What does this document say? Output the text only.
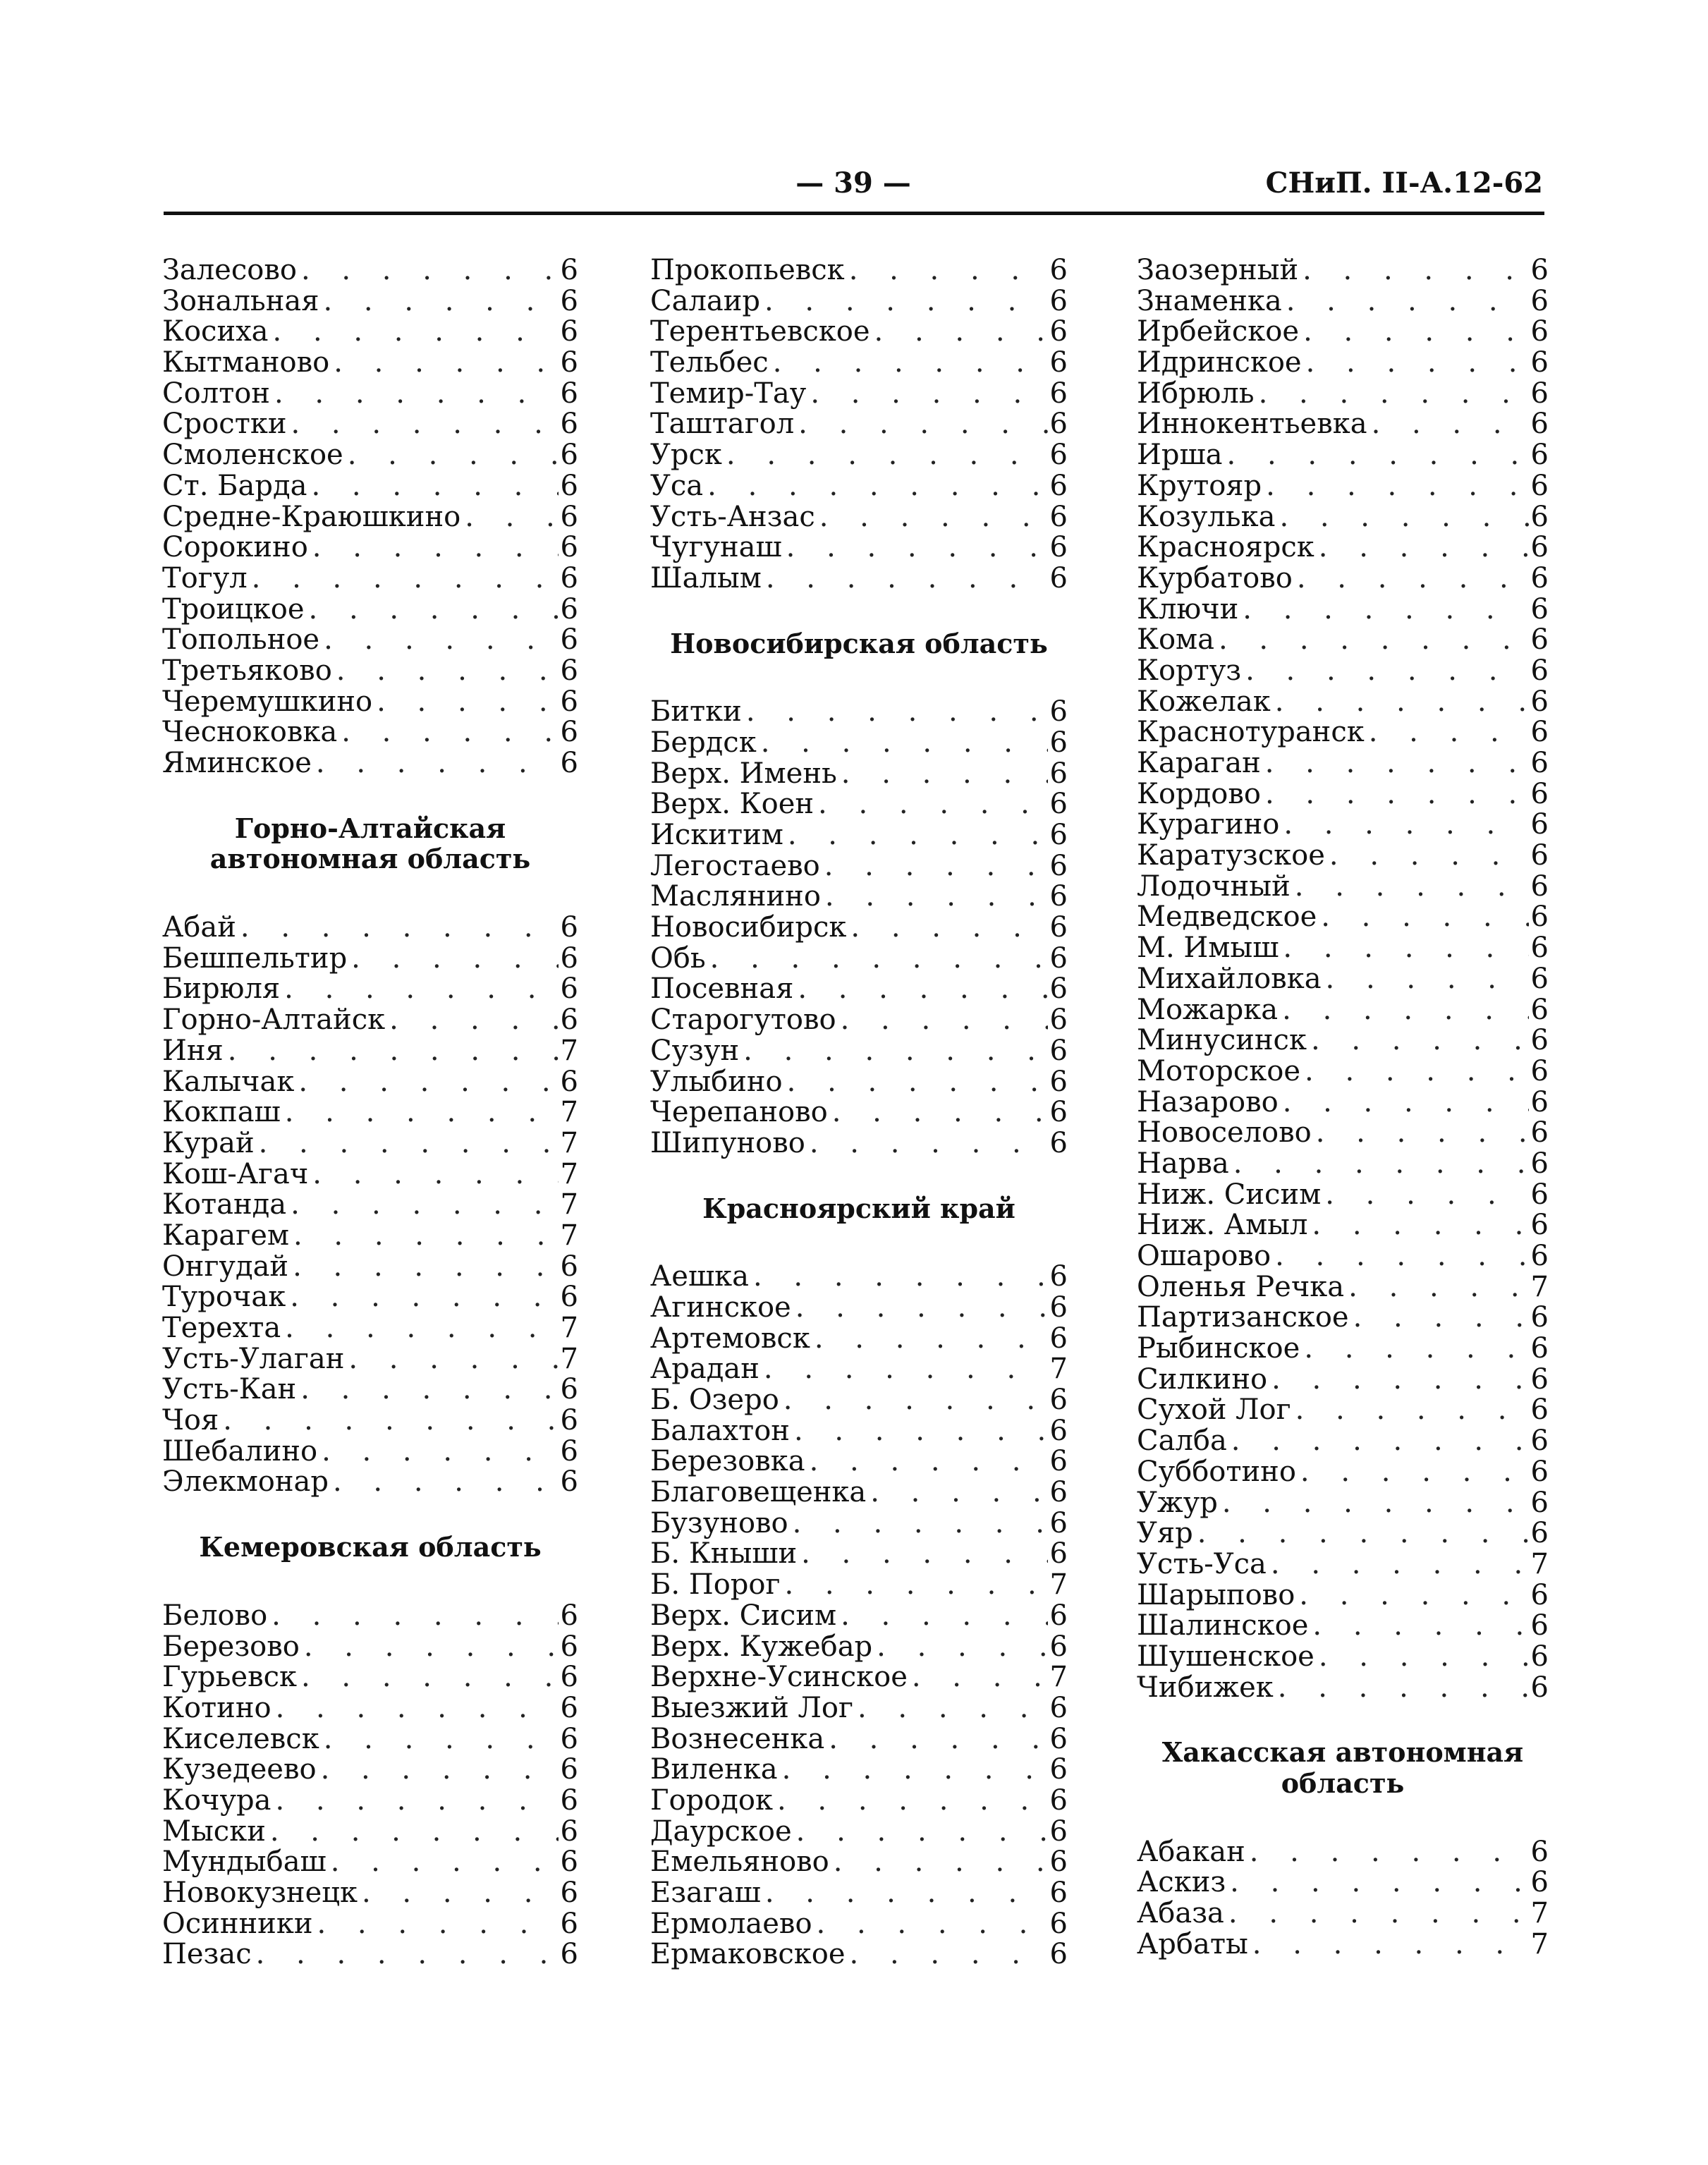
— 39 —	СНиП. II-А.12-62
Залесово . . .	6
Зональная . . .	6
Косиха . . .	6
Кытманово . . .	6
Солтон . . .	6
Сростки . . .	6
Смоленское . . .	6
Ст. Барда . . .	6
Средне-Краюшкино . . .	6
Сорокино . . .	6
Тогул . . .	6
Троицкое . . .	6
Топольное . . .	6
Третьяково . . .	6
Черемушкино . . .	6
Чесноковка . . .	6
Яминское . . .	6
Горно-Алтайская
автономная область
Абай . . .	6
Бешпельтир . . .	6
Бирюля . . .	6
Горно-Алтайск . . .	6
Иня . . .	7
Калычак . . .	6
Кокпаш . . .	7
Курай . . .	7
Кош-Агач . . .	7
Котанда . . .	7
Карагем . . .	7
Онгудай . . .	6
Турочак . . .	6
Терехта . . .	7
Усть-Улаган . . .	7
Усть-Кан . . .	6
Чоя . . .	6
Шебалино . . .	6
Элекмонар . . .	6
Кемеровская область
Белово . . .	6
Березово . . .	6
Гурьевск . . .	6
Котино . . .	6
Киселевск . . .	6
Кузедеево . . .	6
Кочура . . .	6
Мыски . . .	6
Мундыбаш . . .	6
Новокузнецк . . .	6
Осинники . . .	6
Пезас . . .	6
Прокопьевск . . .	6
Салаир . . .	6
Терентьевское . . .	6
Тельбес . . .	6
Темир-Тау . . .	6
Таштагол . . .	6
Урск . . .	6
Уса . . .	6
Усть-Анзас . . .	6
Чугунаш . . .	6
Шалым . . .	6
Новосибирская область
Битки . . .	6
Бердск . . .	6
Верх. Имень . . .	6
Верх. Коен . . .	6
Искитим . . .	6
Легостаево . . .	6
Маслянино . . .	6
Новосибирск . . .	6
Обь . . .	6
Посевная . . .	6
Старогутово . . .	6
Сузун . . .	6
Улыбино . . .	6
Черепаново . . .	6
Шипуново . . .	6
Красноярский край
Аешка . . .	6
Агинское . . .	6
Артемовск . . .	6
Арадан . . .	7
Б. Озеро . . .	6
Балахтон . . .	6
Березовка . . .	6
Благовещенка . . .	6
Бузуново . . .	6
Б. Кныши . . .	6
Б. Порог . . .	7
Верх. Сисим . . .	6
Верх. Кужебар . . .	6
Верхне-Усинское . . .	7
Выезжий Лог . . .	6
Вознесенка . . .	6
Виленка . . .	6
Городок . . .	6
Даурское . . .	6
Емельяново . . .	6
Езагаш . . .	6
Ермолаево . . .	6
Ермаковское . . .	6
Заозерный . . .	6
Знаменка . . .	6
Ирбейское . . .	6
Идринское . . .	6
Ибрюль . . .	6
Иннокентьевка . . .	6
Ирша . . .	6
Крутояр . . .	6
Козулька . . .	6
Красноярск . . .	6
Курбатово . . .	6
Ключи . . .	6
Кома . . .	6
Кортуз . . .	6
Кожелак . . .	6
Краснотуранск . . .	6
Караган . . .	6
Кордово . . .	6
Курагино . . .	6
Каратузское . . .	6
Лодочный . . .	6
Медведское . . .	6
М. Имыш . . .	6
Михайловка . . .	6
Можарка . . .	6
Минусинск . . .	6
Моторское . . .	6
Назарово . . .	6
Новоселово . . .	6
Нарва . . .	6
Ниж. Сисим . . .	6
Ниж. Амыл . . .	6
Ошарово . . .	6
Оленья Речка . . .	7
Партизанское . . .	6
Рыбинское . . .	6
Силкино . . .	6
Сухой Лог . . .	6
Салба . . .	6
Субботино . . .	6
Ужур . . .	6
Уяр . . .	6
Усть-Уса . . .	7
Шарыпово . . .	6
Шалинское . . .	6
Шушенское . . .	6
Чибижек . . .	6
Хакасская автономная
область
Абакан . . .	6
Аскиз . . .	6
Абаза . . .	7
Арбаты . . .	7
